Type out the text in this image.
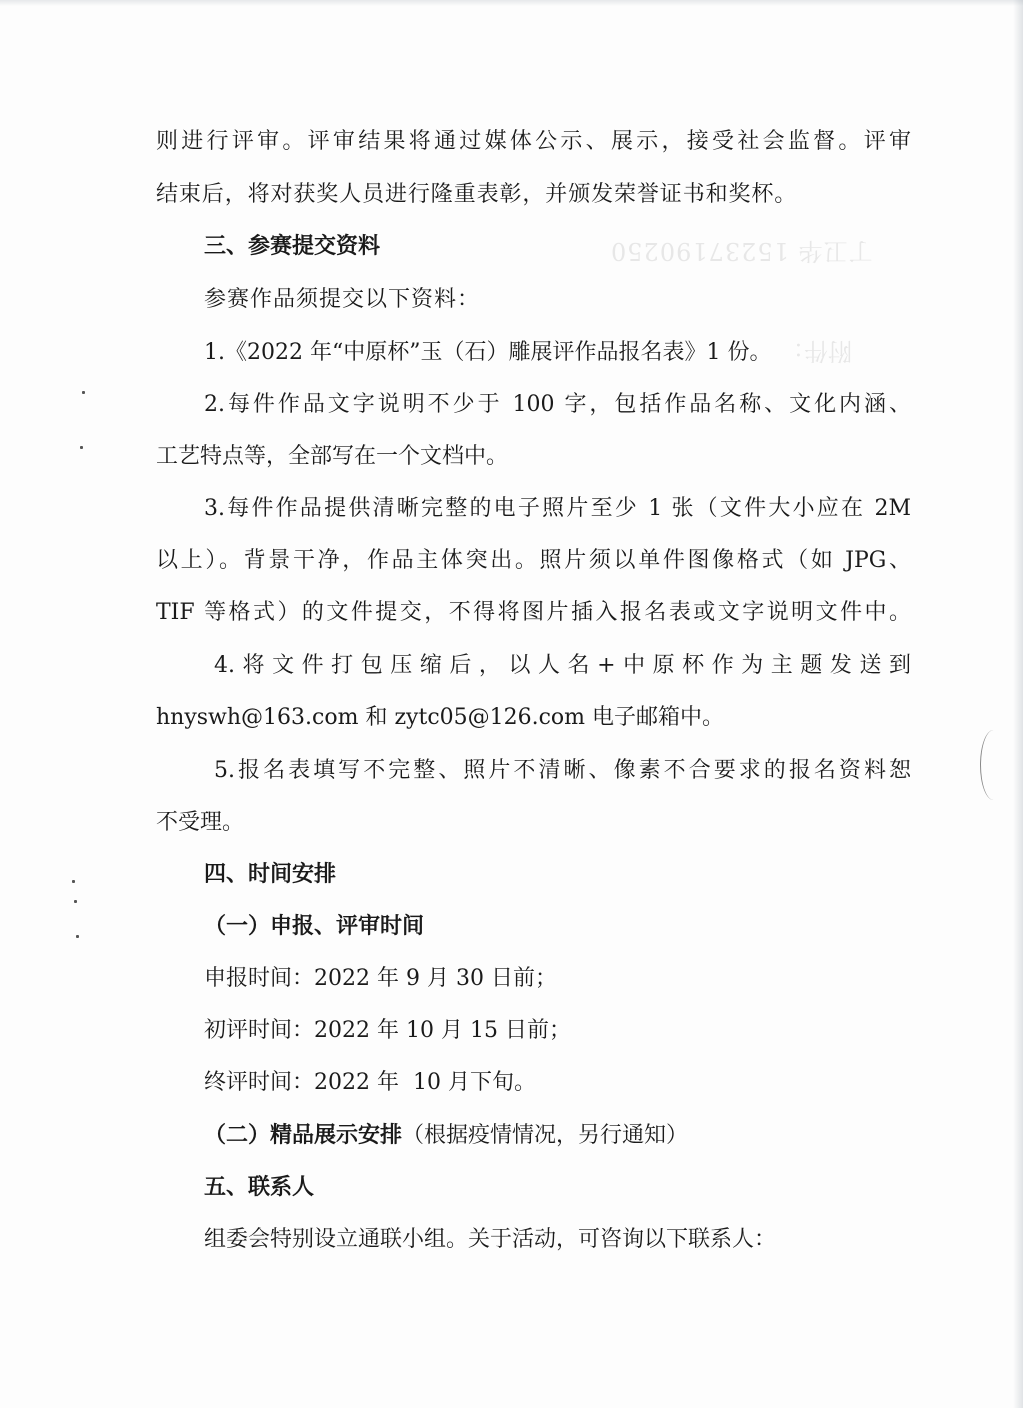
丁卫华 15237190250
附件：
则进行评审。评审结果将通过媒体公示、展示，接受社会监督。评审
结束后，将对获奖人员进行隆重表彰，并颁发荣誉证书和奖杯。
三、参赛提交资料
参赛作品须提交以下资料：
1.《2022 年“中原杯”玉（石）雕展评作品报名表》1 份。
2.每件作品文字说明不少于 100 字，包括作品名称、文化内涵、
工艺特点等，全部写在一个文档中。
3.每件作品提供清晰完整的电子照片至少 1 张（文件大小应在 2M
以上）。背景干净，作品主体突出。照片须以单件图像格式（如 JPG、
TIF 等格式）的文件提交，不得将图片插入报名表或文字说明文件中。
4.将文件打包压缩后，以人名+中原杯作为主题发送到
hnyswh@163.com 和 zytc05@126.com 电子邮箱中。
5.报名表填写不完整、照片不清晰、像素不合要求的报名资料恕
不受理。
四、时间安排
（一）申报、评审时间
申报时间：2022 年 9 月 30 日前；
初评时间：2022 年 10 月 15 日前；
终评时间：2022 年  10 月下旬。
（二）精品展示安排（根据疫情情况，另行通知）
五、联系人
组委会特别设立通联小组。关于活动，可咨询以下联系人：
